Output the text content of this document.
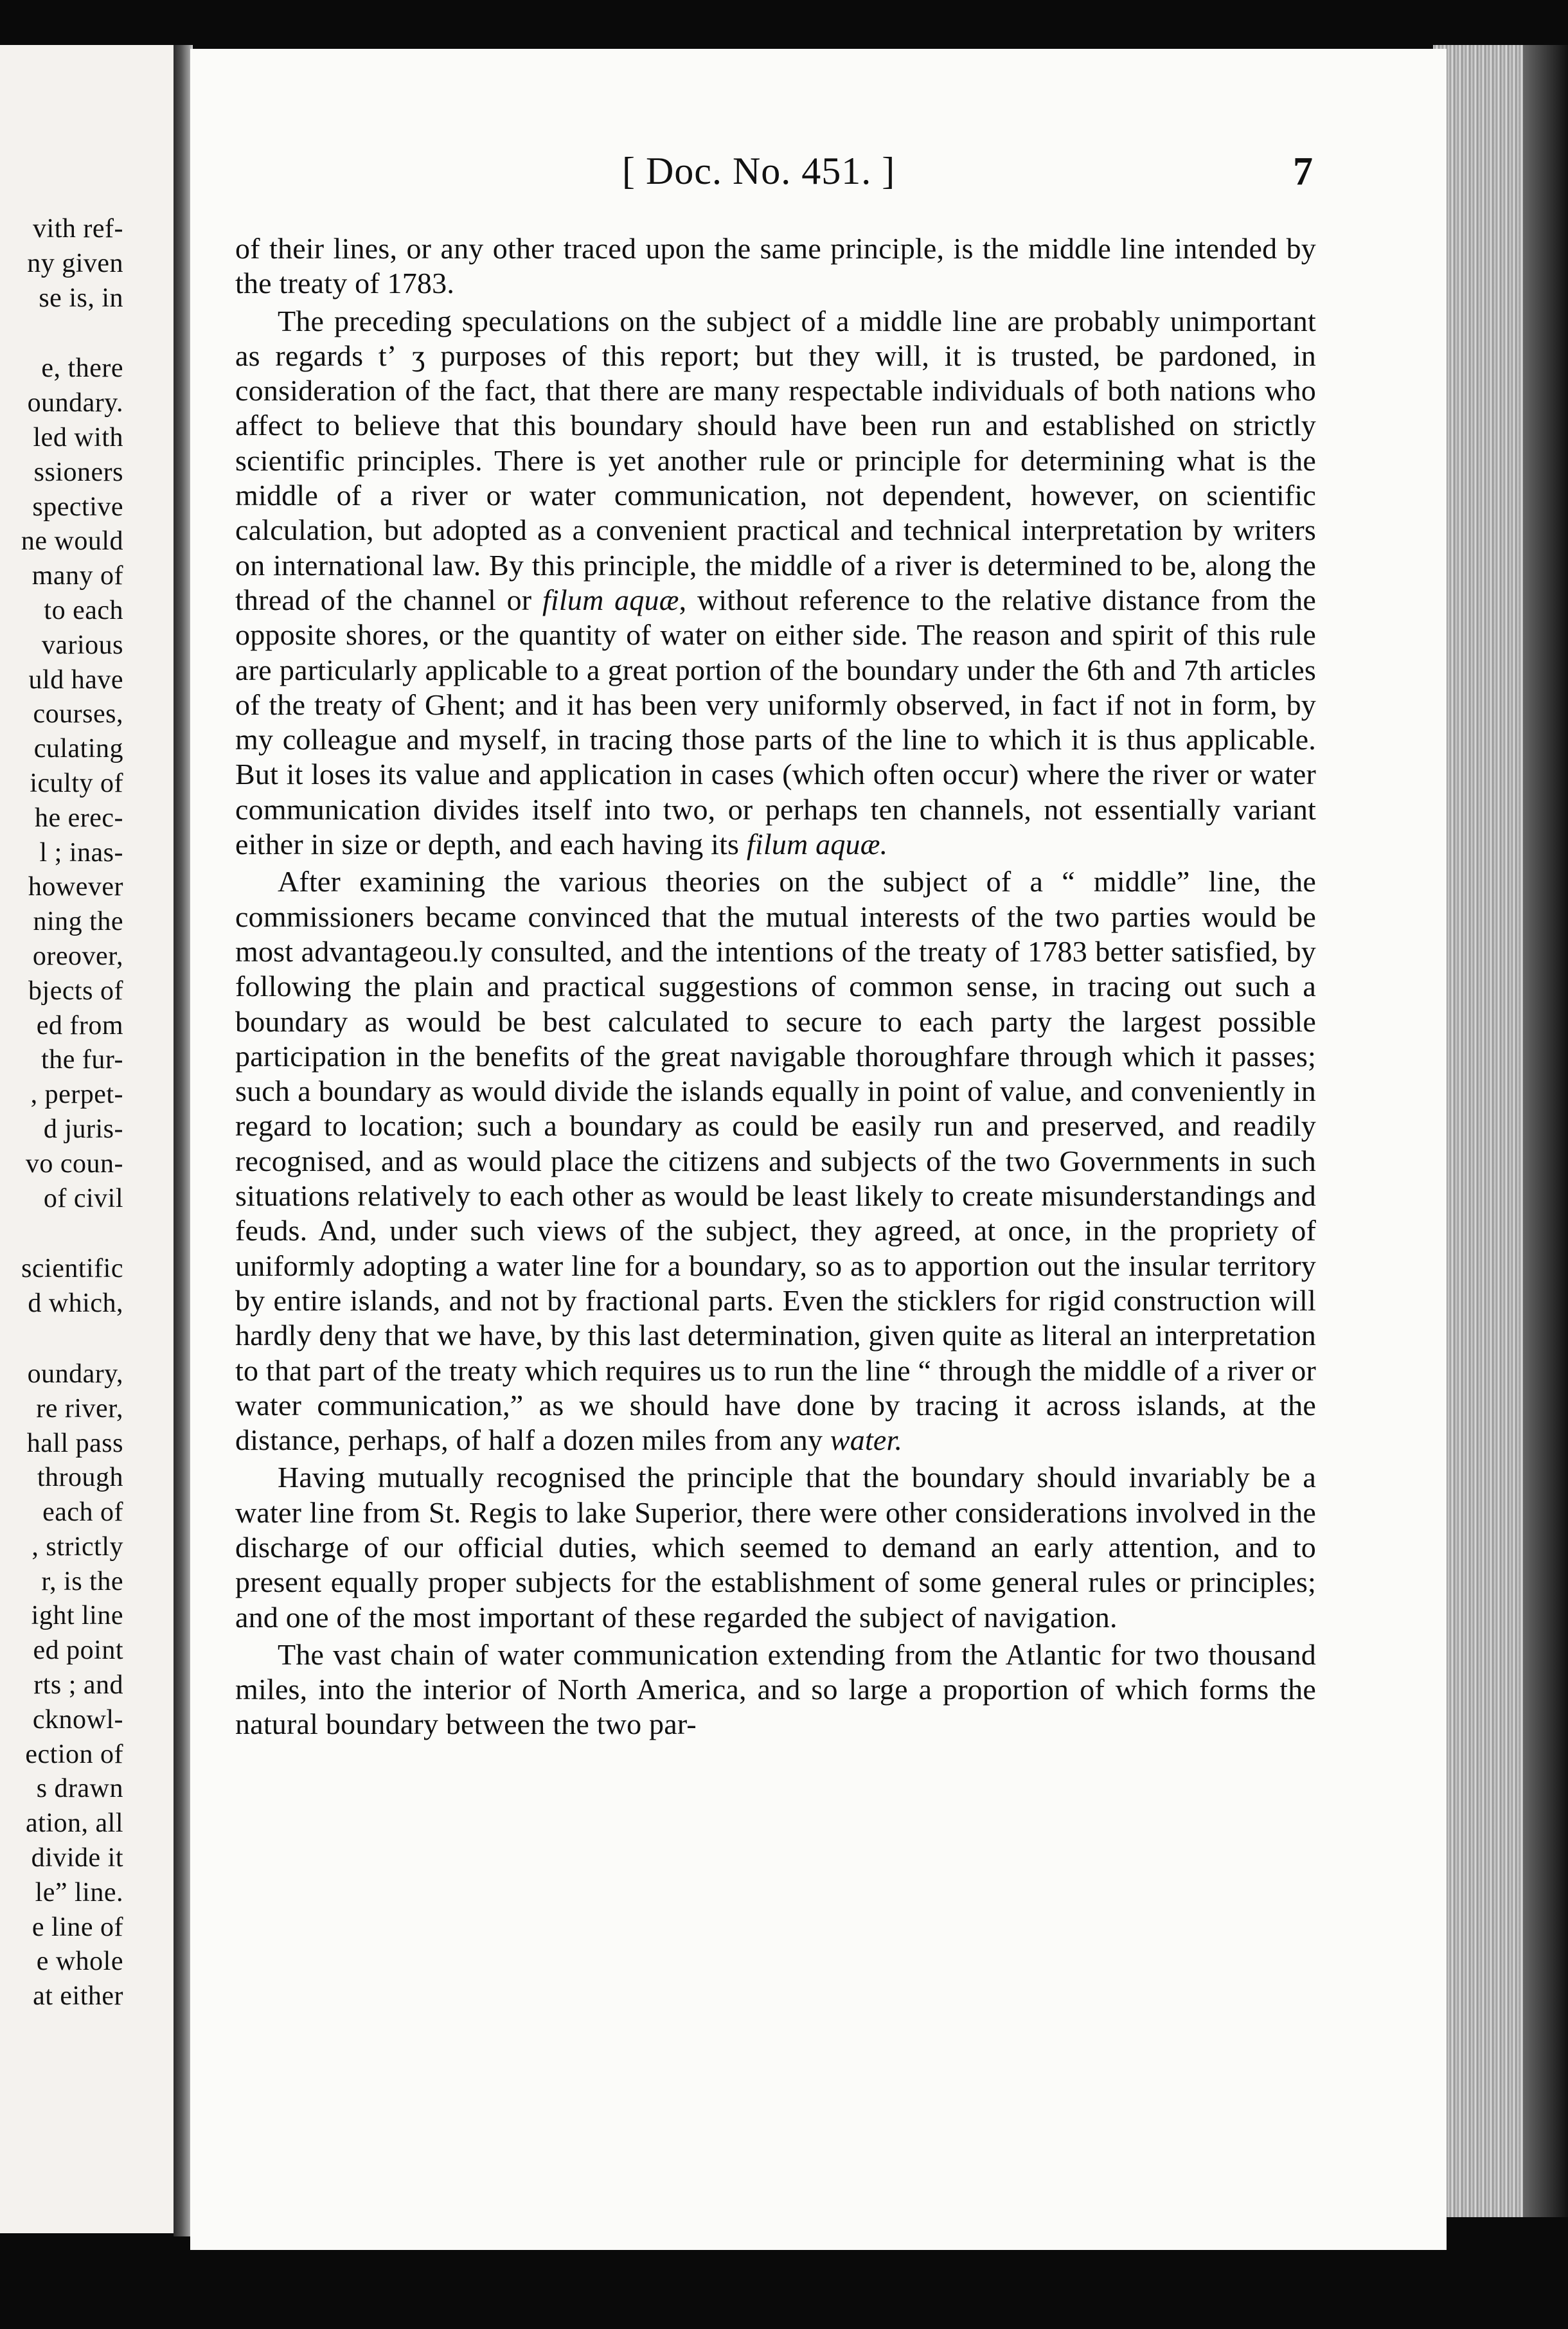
vith ref-
ny given
se is, in
e, there
oundary.
led with
ssioners
spective
ne would
many of
to each
various
uld have
courses,
culating
iculty of
he erec-
l ; inas-
however
ning the
oreover,
bjects of
ed from
the fur-
, perpet-
d juris-
vo coun-
of civil
scientific
d which,
oundary,
re river,
hall pass
through
each of
, strictly
r, is the
ight line
ed point
rts ; and
cknowl-
ection of
s drawn
ation, all
divide it
le” line.
e line of
e whole
at either
[ Doc. No. 451. ]	7

of their lines, or any other traced upon the same principle, is the middle line intended by the treaty of 1783.

The preceding speculations on the subject of a middle line are probably unimportant as regards tʼ ʒ purposes of this report; but they will, it is trusted, be pardoned, in consideration of the fact, that there are many respectable individuals of both nations who affect to believe that this boundary should have been run and established on strictly scientific principles. There is yet another rule or principle for determining what is the middle of a river or water communication, not dependent, however, on scientific calculation, but adopted as a convenient practical and technical interpretation by writers on international law. By this principle, the middle of a river is determined to be, along the thread of the channel or filum aquæ, without reference to the relative distance from the opposite shores, or the quantity of water on either side. The reason and spirit of this rule are particularly applicable to a great portion of the boundary under the 6th and 7th articles of the treaty of Ghent; and it has been very uniformly observed, in fact if not in form, by my colleague and myself, in tracing those parts of the line to which it is thus applicable. But it loses its value and application in cases (which often occur) where the river or water communication divides itself into two, or perhaps ten channels, not essentially variant either in size or depth, and each having its filum aquæ.

After examining the various theories on the subject of a “ middle” line, the commissioners became convinced that the mutual interests of the two parties would be most advantageou.ly consulted, and the intentions of the treaty of 1783 better satisfied, by following the plain and practical suggestions of common sense, in tracing out such a boundary as would be best calculated to secure to each party the largest possible participation in the benefits of the great navigable thoroughfare through which it passes; such a boundary as would divide the islands equally in point of value, and conveniently in regard to location; such a boundary as could be easily run and preserved, and readily recognised, and as would place the citizens and subjects of the two Governments in such situations relatively to each other as would be least likely to create misunderstandings and feuds. And, under such views of the subject, they agreed, at once, in the propriety of uniformly adopting a water line for a boundary, so as to apportion out the insular territory by entire islands, and not by fractional parts. Even the sticklers for rigid construction will hardly deny that we have, by this last determination, given quite as literal an interpretation to that part of the treaty which requires us to run the line “ through the middle of a river or water communication,” as we should have done by tracing it across islands, at the distance, perhaps, of half a dozen miles from any water.

Having mutually recognised the principle that the boundary should invariably be a water line from St. Regis to lake Superior, there were other considerations involved in the discharge of our official duties, which seemed to demand an early attention, and to present equally proper subjects for the establishment of some general rules or principles; and one of the most important of these regarded the subject of navigation.

The vast chain of water communication extending from the Atlantic for two thousand miles, into the interior of North America, and so large a proportion of which forms the natural boundary between the two par-
